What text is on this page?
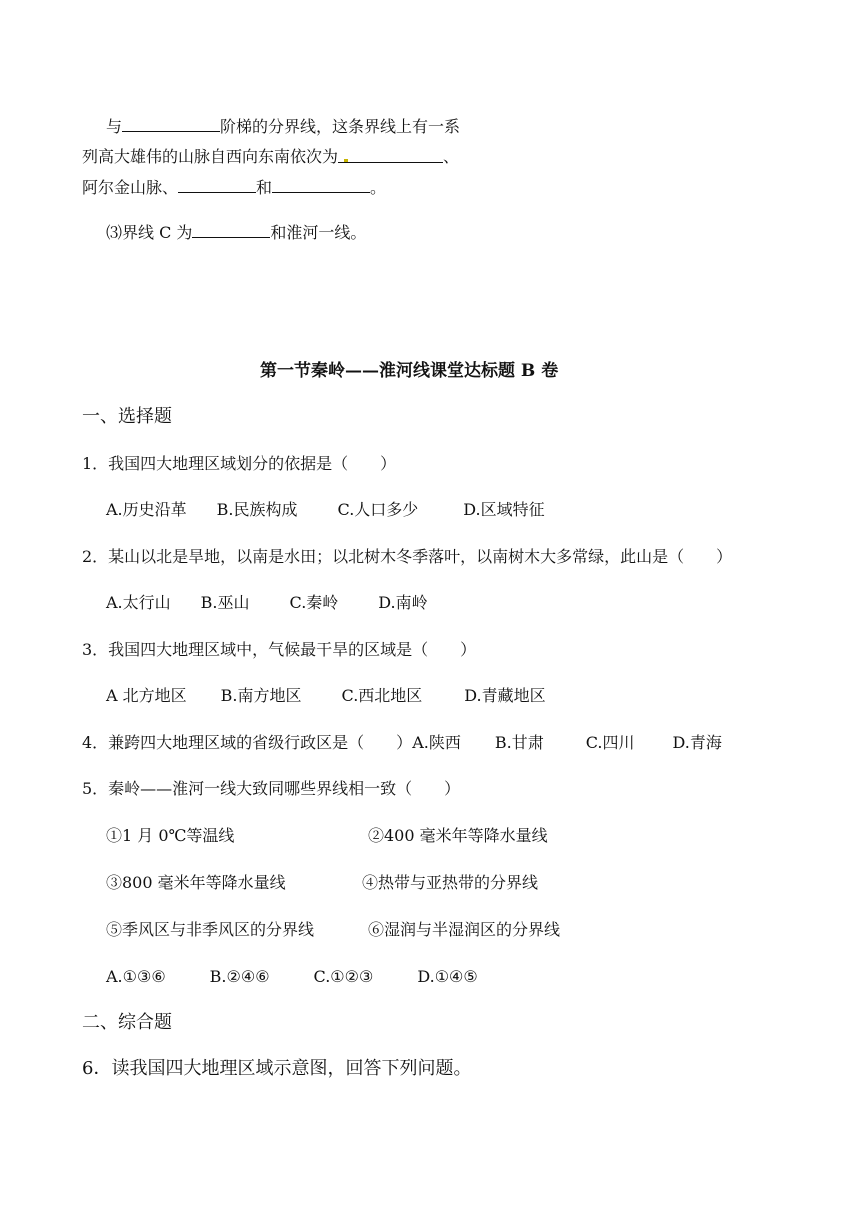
与	阶梯的分界线，这条界线上有一系
列高大雄伟的山脉自西向东南依次为	、
阿尔金山脉、	和	。
⑶界线 C 为	和淮河一线。
第一节秦岭——淮河线课堂达标题 B 卷
一、选择题
1．我国四大地理区域划分的依据是（　　）
A.历史沿革 B.民族构成	C.人口多少	D.区域特征
2．某山以北是旱地，以南是水田；以北树木冬季落叶，以南树木大多常绿，此山是（　　）
A.太行山 B.巫山	C.秦岭	D.南岭
3．我国四大地理区域中，气候最干旱的区域是（　　）
A 北方地区 B.南方地区	C.西北地区	D.青藏地区
4．兼跨四大地理区域的省级行政区是（　　）A.陕西 B.甘肃	C.四川 D.青海
5．秦岭——淮河一线大致同哪些界线相一致（　　）
①1 月 0℃等温线	②400 毫米年等降水量线
③800 毫米年等降水量线	④热带与亚热带的分界线
⑤季风区与非季风区的分界线	⑥湿润与半湿润区的分界线
A.①③⑥	B.②④⑥	C.①②③	D.①④⑤
二、综合题
6．读我国四大地理区域示意图，回答下列问题。
